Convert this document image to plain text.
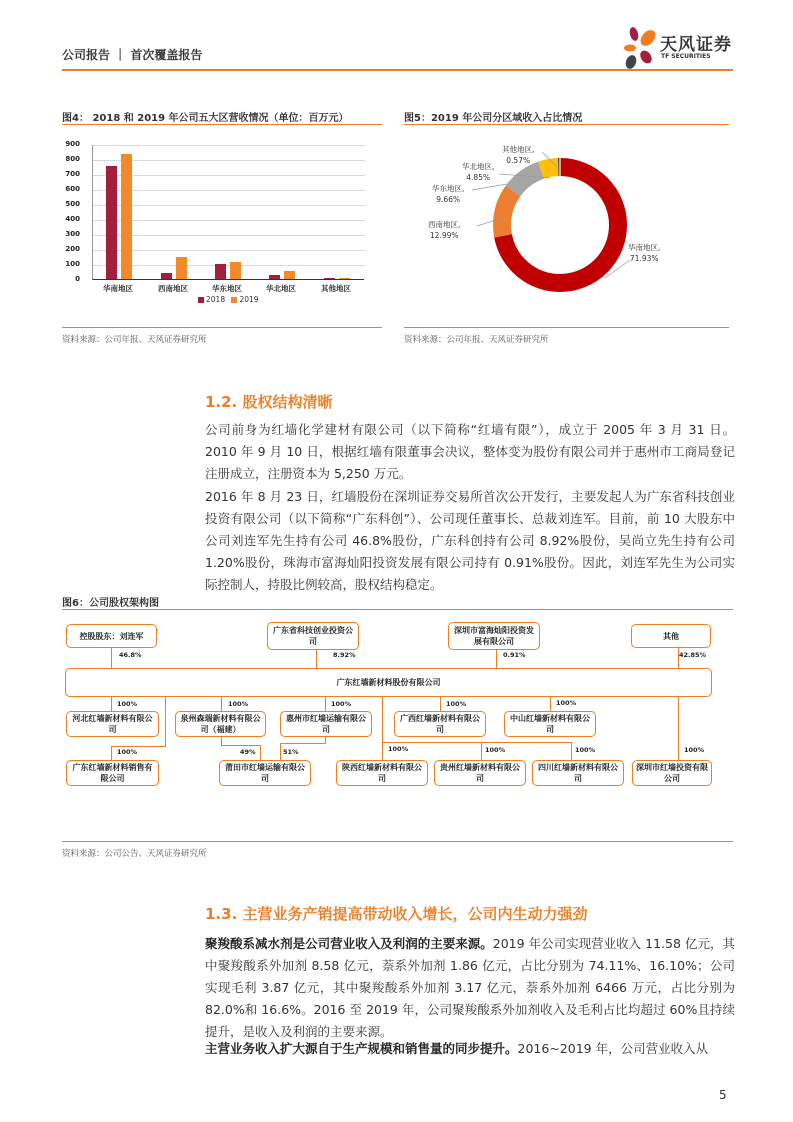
公司报告 ｜ 首次覆盖报告	天风证券
TF SECURITIES
图4： 2018 和 2019 年公司五大区营收情况（单位：百万元）
900
800
700
600
500
400
300
200
100
0
华南地区	西南地区	华东地区	华北地区	其他地区
2018 2019
资料来源：公司年报、天风证券研究所
图5：2019 年公司分区域收入占比情况
其他地区,
0.57%
华北地区,
4.85%
华东地区,
9.66%
西南地区,
12.99%
华南地区,
71.93%
资料来源：公司年报、天风证券研究所
1.2. 股权结构清晰
公司前身为红墙化学建材有限公司（以下简称“红墙有限”），成立于 2005 年 3 月 31 日。2010 年 9 月 10 日，根据红墙有限董事会决议，整体变为股份有限公司并于惠州市工商局登记注册成立，注册资本为 5,250 万元。
2016 年 8 月 23 日，红墙股份在深圳证券交易所首次公开发行，主要发起人为广东省科技创业投资有限公司（以下简称“广东科创”）、公司现任董事长、总裁刘连军。目前，前 10 大股东中公司刘连军先生持有公司 46.8%股份，广东科创持有公司 8.92%股份，吴尚立先生持有公司 1.20%股份，珠海市富海灿阳投资发展有限公司持有 0.91%股份。因此，刘连军先生为公司实际控制人，持股比例较高，股权结构稳定。
图6：公司股权架构图
控股股东：刘连军
广东省科技创业投资公司
深圳市富海灿阳投资发展有限公司
其他
46.8%	8.92%	0.91%	42.85%
广东红墙新材料股份有限公司
100%	100%	100%	100%	100%
河北红墙新材料有限公司
泉州森瑞新材料有限公司（福建）
惠州市红墙运输有限公司
广西红墙新材料有限公司
中山红墙新材料有限公司
100%	49%	51%	100%	100%	100%	100%
广东红墙新材料销售有限公司
莆田市红墙运输有限公司
陕西红墙新材料有限公司
贵州红墙新材料有限公司
四川红墙新材料有限公司
深圳市红墙投资有限公司
资料来源：公司公告、天风证券研究所
1.3. 主营业务产销提高带动收入增长，公司内生动力强劲
聚羧酸系减水剂是公司营业收入及利润的主要来源。2019 年公司实现营业收入 11.58 亿元，其中聚羧酸系外加剂 8.58 亿元，萘系外加剂 1.86 亿元，占比分别为 74.11%、16.10%；公司实现毛利 3.87 亿元，其中聚羧酸系外加剂 3.17 亿元，萘系外加剂 6466 万元，占比分别为 82.0%和 16.6%。2016 至 2019 年，公司聚羧酸系外加剂收入及毛利占比均超过 60%且持续提升，是收入及利润的主要来源。
主营业务收入扩大源自于生产规模和销售量的同步提升。2016~2019 年，公司营业收入从
5
